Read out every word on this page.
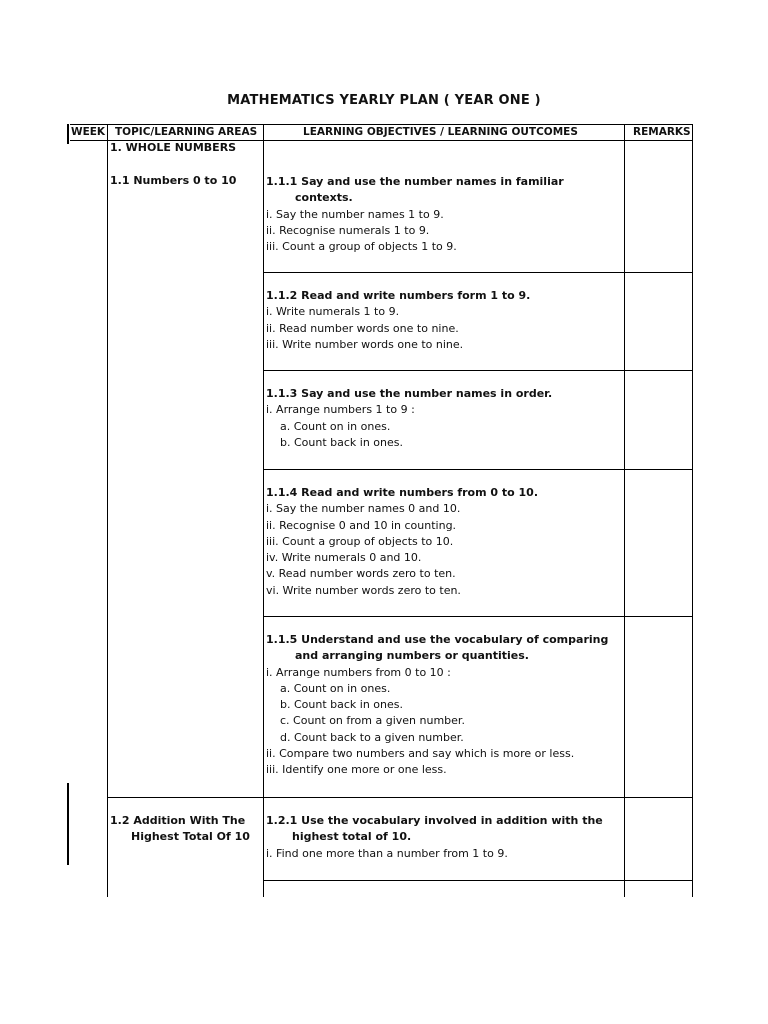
MATHEMATICS YEARLY PLAN ( YEAR ONE )
WEEK TOPIC/LEARNING AREAS	LEARNING OBJECTIVES / LEARNING OUTCOMES	REMARKS
1. WHOLE NUMBERS
1.1 Numbers 0 to 10
1.2 Addition With The
Highest Total Of 10
1.1.1 Say and use the number names in familiar
contexts.
i. Say the number names 1 to 9.
ii. Recognise numerals 1 to 9.
iii. Count a group of objects 1 to 9.
1.1.2 Read and write numbers form 1 to 9.
i. Write numerals 1 to 9.
ii. Read number words one to nine.
iii. Write number words one to nine.
1.1.3 Say and use the number names in order.
i. Arrange numbers 1 to 9 :
a. Count on in ones.
b. Count back in ones.
1.1.4 Read and write numbers from 0 to 10.
i. Say the number names 0 and 10.
ii. Recognise 0 and 10 in counting.
iii. Count a group of objects to 10.
iv. Write numerals 0 and 10.
v. Read number words zero to ten.
vi. Write number words zero to ten.
1.1.5 Understand and use the vocabulary of comparing
and arranging numbers or quantities.
i. Arrange numbers from 0 to 10 :
a. Count on in ones.
b. Count back in ones.
c. Count on from a given number.
d. Count back to a given number.
ii. Compare two numbers and say which is more or less.
iii. Identify one more or one less.
1.2.1 Use the vocabulary involved in addition with the
highest total of 10.
i. Find one more than a number from 1 to 9.
